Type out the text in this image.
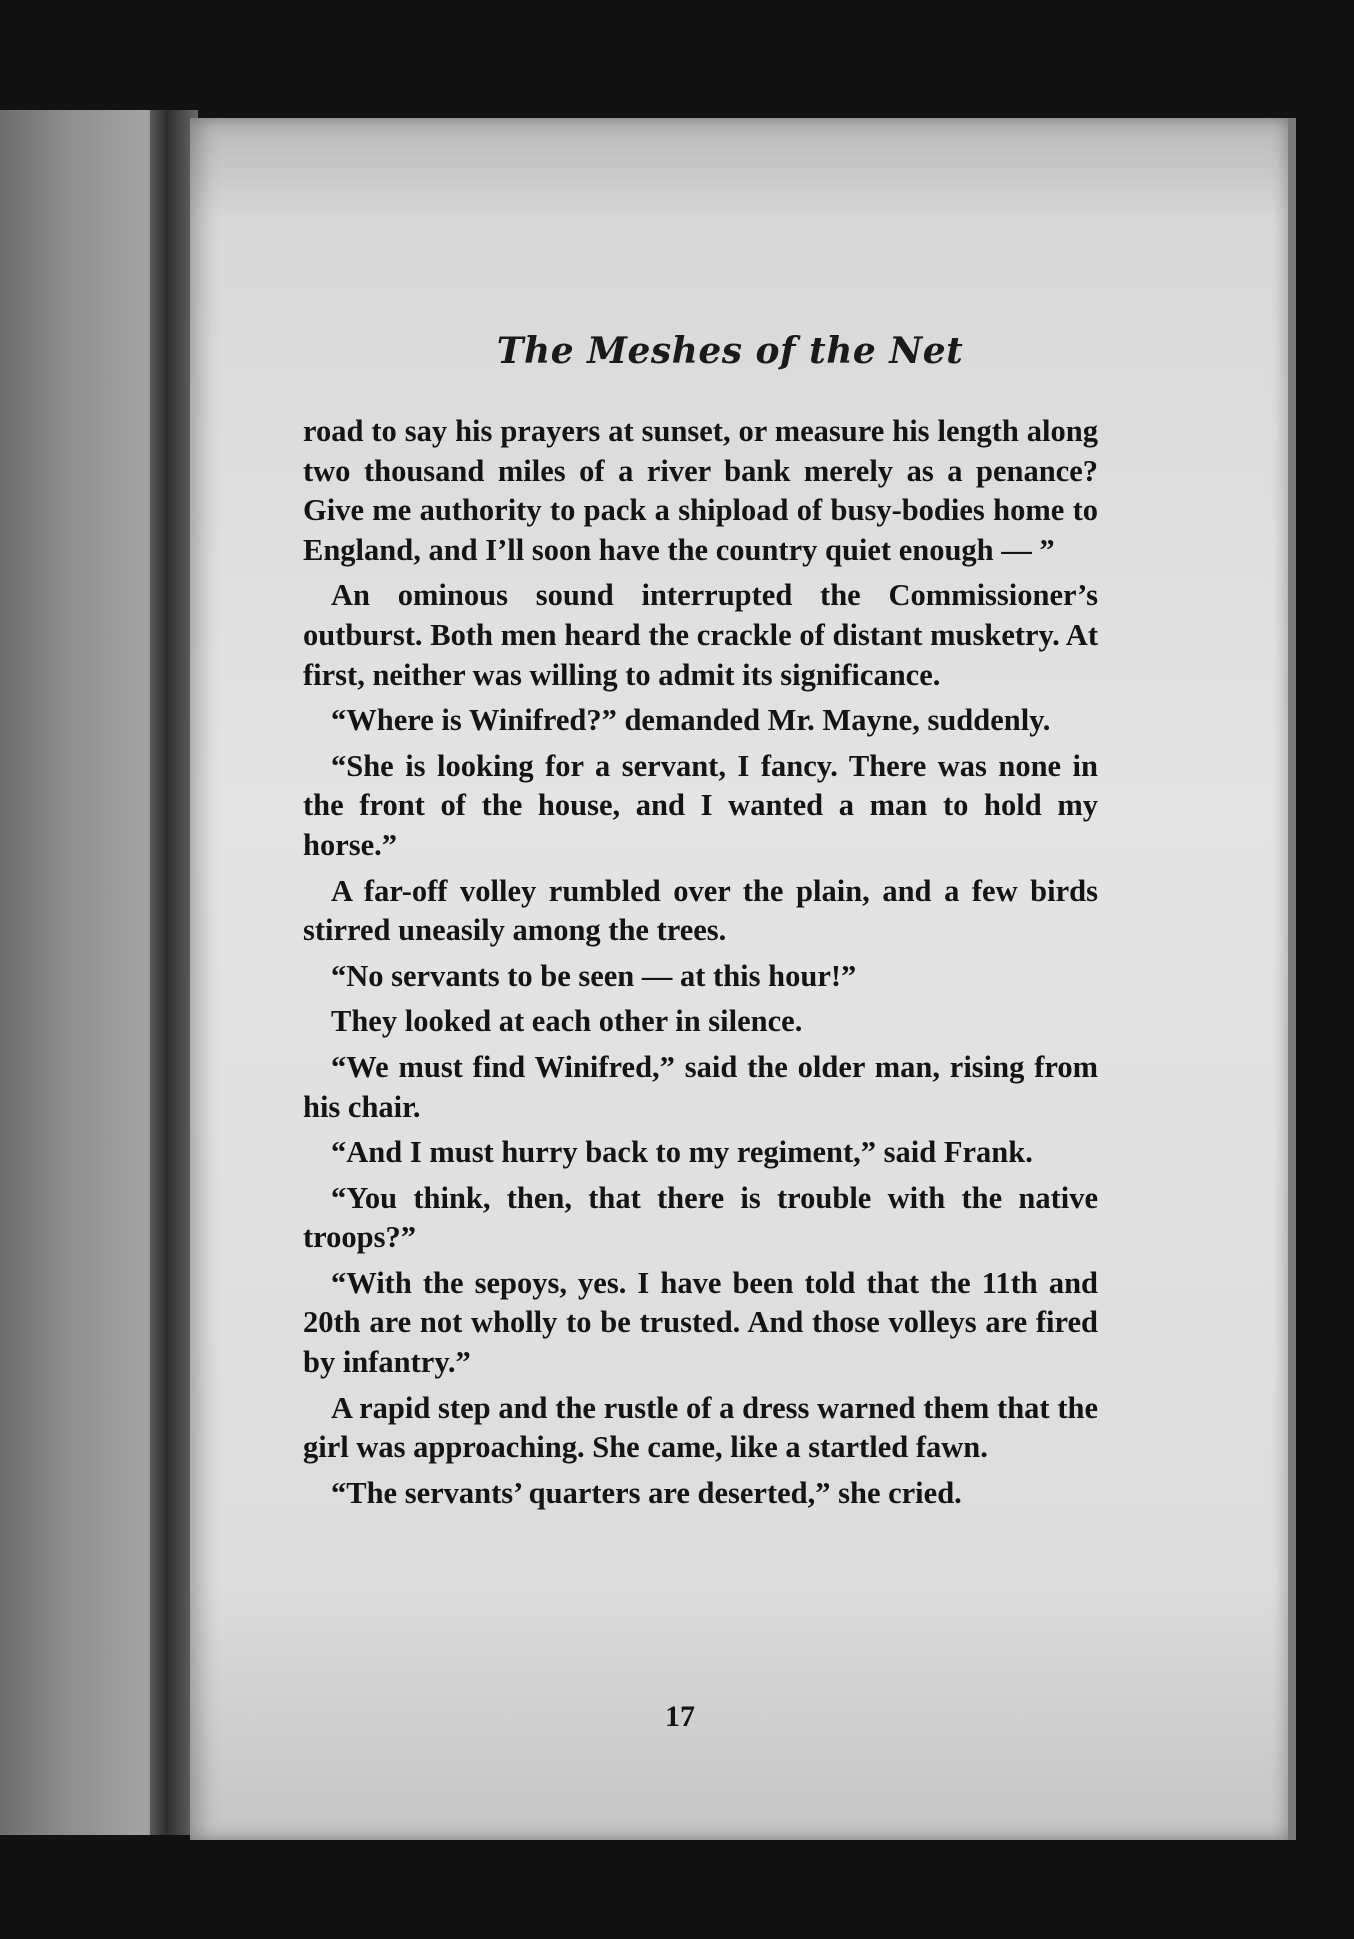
The Meshes of the Net

road to say his prayers at sunset, or measure his length along two thousand miles of a river bank merely as a penance? Give me authority to pack a shipload of busy-bodies home to England, and I’ll soon have the country quiet enough — ”

An ominous sound interrupted the Commissioner’s outburst. Both men heard the crackle of distant musketry. At first, neither was willing to admit its significance.

“Where is Winifred?” demanded Mr. Mayne, suddenly.

“She is looking for a servant, I fancy. There was none in the front of the house, and I wanted a man to hold my horse.”

A far-off volley rumbled over the plain, and a few birds stirred uneasily among the trees.

“No servants to be seen — at this hour!”

They looked at each other in silence.

“We must find Winifred,” said the older man, rising from his chair.

“And I must hurry back to my regiment,” said Frank.

“You think, then, that there is trouble with the native troops?”

“With the sepoys, yes. I have been told that the 11th and 20th are not wholly to be trusted. And those volleys are fired by infantry.”

A rapid step and the rustle of a dress warned them that the girl was approaching. She came, like a startled fawn.

“The servants’ quarters are deserted,” she cried.

17
